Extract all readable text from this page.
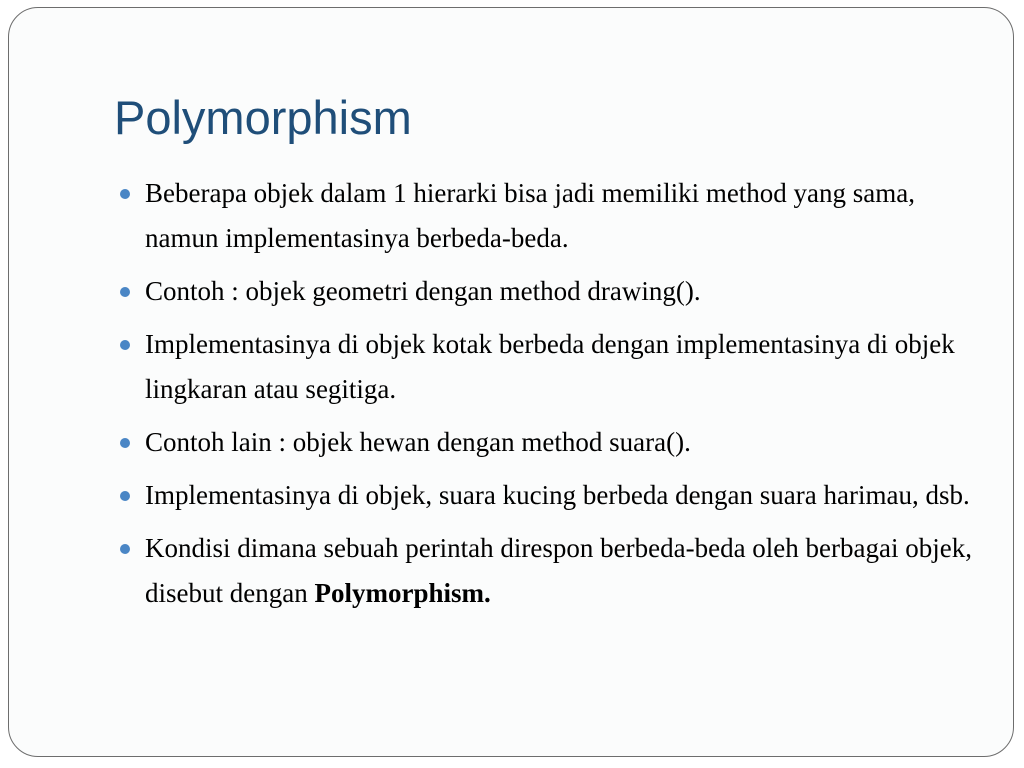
Polymorphism
Beberapa objek dalam 1 hierarki bisa jadi memiliki method yang sama, namun implementasinya berbeda-beda.
Contoh : objek geometri dengan method drawing().
Implementasinya di objek kotak berbeda dengan implementasinya di objek lingkaran atau segitiga.
Contoh lain : objek hewan dengan method suara().
Implementasinya di objek, suara kucing berbeda dengan suara harimau, dsb.
Kondisi dimana sebuah perintah direspon berbeda-beda oleh berbagai objek, disebut dengan Polymorphism.
